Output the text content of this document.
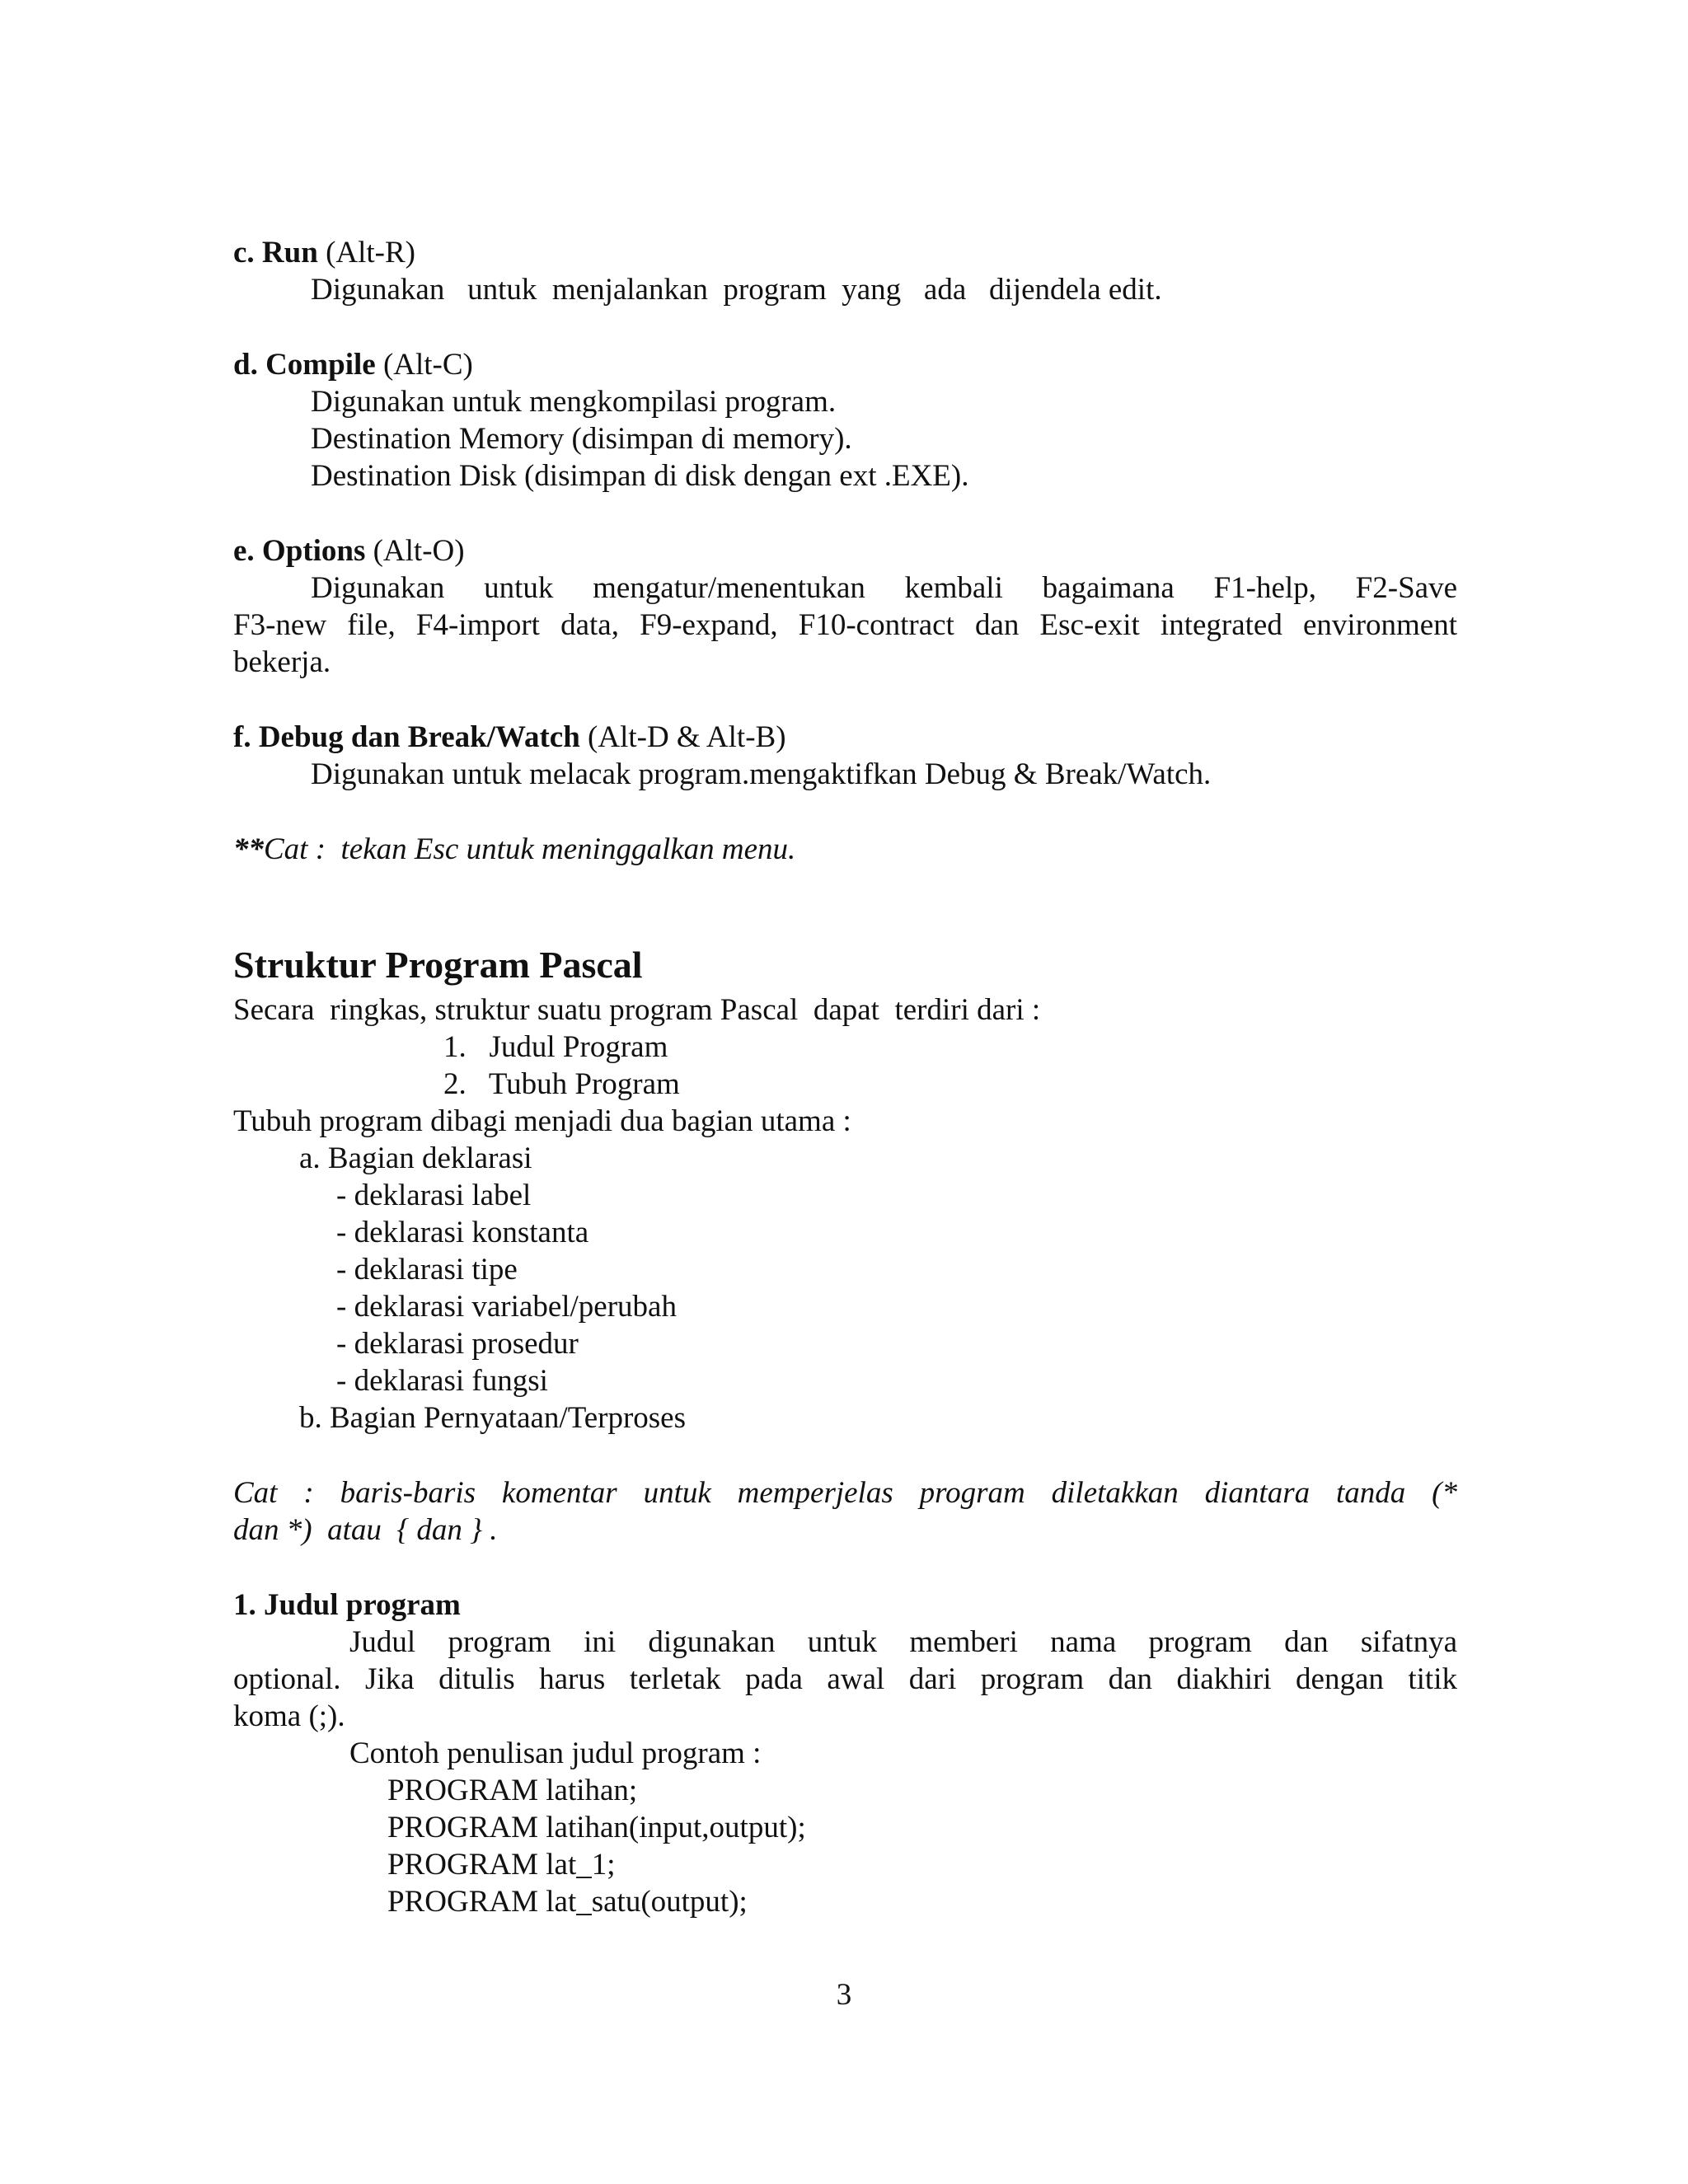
c. Run (Alt-R)
Digunakan   untuk  menjalankan  program  yang   ada   dijendela edit.
d. Compile (Alt-C)
Digunakan untuk mengkompilasi program.
Destination Memory (disimpan di memory).
Destination Disk (disimpan di disk dengan ext .EXE).
e. Options (Alt-O)
Digunakan untuk mengatur/menentukan kembali bagaimana F1-help, F2-Save
F3-new file, F4-import data, F9-expand, F10-contract dan Esc-exit integrated environment
bekerja.
f. Debug dan Break/Watch (Alt-D & Alt-B)
Digunakan untuk melacak program.mengaktifkan Debug & Break/Watch.
**Cat :  tekan Esc untuk meninggalkan menu.
Struktur Program Pascal
Secara  ringkas, struktur suatu program Pascal  dapat  terdiri dari :
1.   Judul Program
2.   Tubuh Program
Tubuh program dibagi menjadi dua bagian utama :
a. Bagian deklarasi
- deklarasi label
- deklarasi konstanta
- deklarasi tipe
- deklarasi variabel/perubah
- deklarasi prosedur
- deklarasi fungsi
b. Bagian Pernyataan/Terproses
Cat : baris-baris komentar untuk memperjelas program diletakkan diantara tanda (*
dan *)  atau  { dan } .
1. Judul program
Judul program ini digunakan untuk memberi nama program dan sifatnya
optional. Jika ditulis harus terletak pada awal dari program dan diakhiri dengan titik
koma (;).
Contoh penulisan judul program :
PROGRAM latihan;
PROGRAM latihan(input,output);
PROGRAM lat_1;
PROGRAM lat_satu(output);
3
